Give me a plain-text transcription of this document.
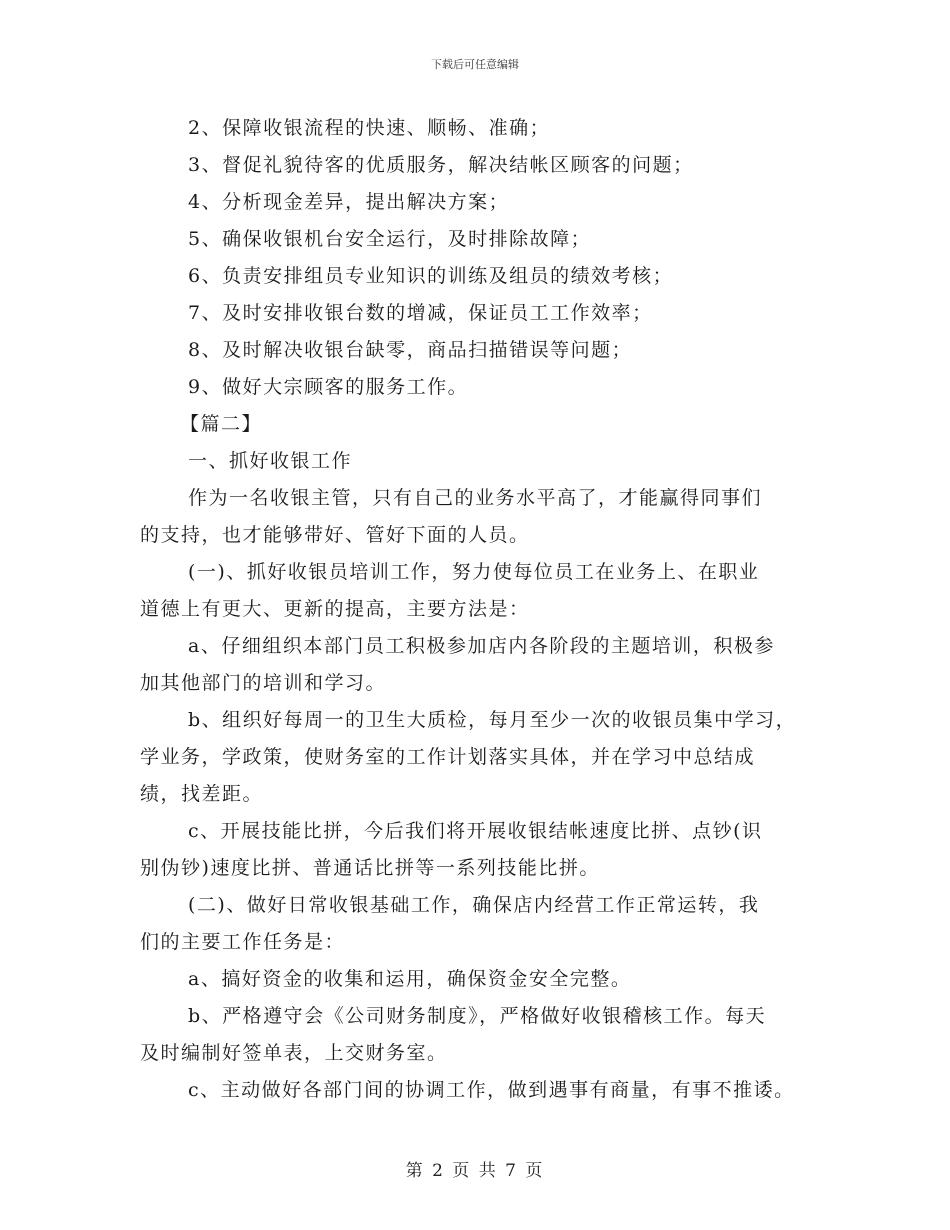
下载后可任意编辑
2、保障收银流程的快速、顺畅、准确；
3、督促礼貌待客的优质服务，解决结帐区顾客的问题；
4、分析现金差异，提出解决方案；
5、确保收银机台安全运行，及时排除故障；
6、负责安排组员专业知识的训练及组员的绩效考核；
7、及时安排收银台数的增减，保证员工工作效率；
8、及时解决收银台缺零，商品扫描错误等问题；
9、做好大宗顾客的服务工作。
【篇二】
一、抓好收银工作
作为一名收银主管，只有自己的业务水平高了，才能赢得同事们
的支持，也才能够带好、管好下面的人员。
(一)、抓好收银员培训工作，努力使每位员工在业务上、在职业
道德上有更大、更新的提高，主要方法是：
a、仔细组织本部门员工积极参加店内各阶段的主题培训，积极参
加其他部门的培训和学习。
b、组织好每周一的卫生大质检，每月至少一次的收银员集中学习，
学业务，学政策，使财务室的工作计划落实具体，并在学习中总结成
绩，找差距。
c、开展技能比拼，今后我们将开展收银结帐速度比拼、点钞(识
别伪钞)速度比拼、普通话比拼等一系列技能比拼。
(二)、做好日常收银基础工作，确保店内经营工作正常运转，我
们的主要工作任务是：
a、搞好资金的收集和运用，确保资金安全完整。
b、严格遵守会《公司财务制度》，严格做好收银稽核工作。每天
及时编制好签单表，上交财务室。
c、主动做好各部门间的协调工作，做到遇事有商量，有事不推诿。
第 2 页 共 7 页
